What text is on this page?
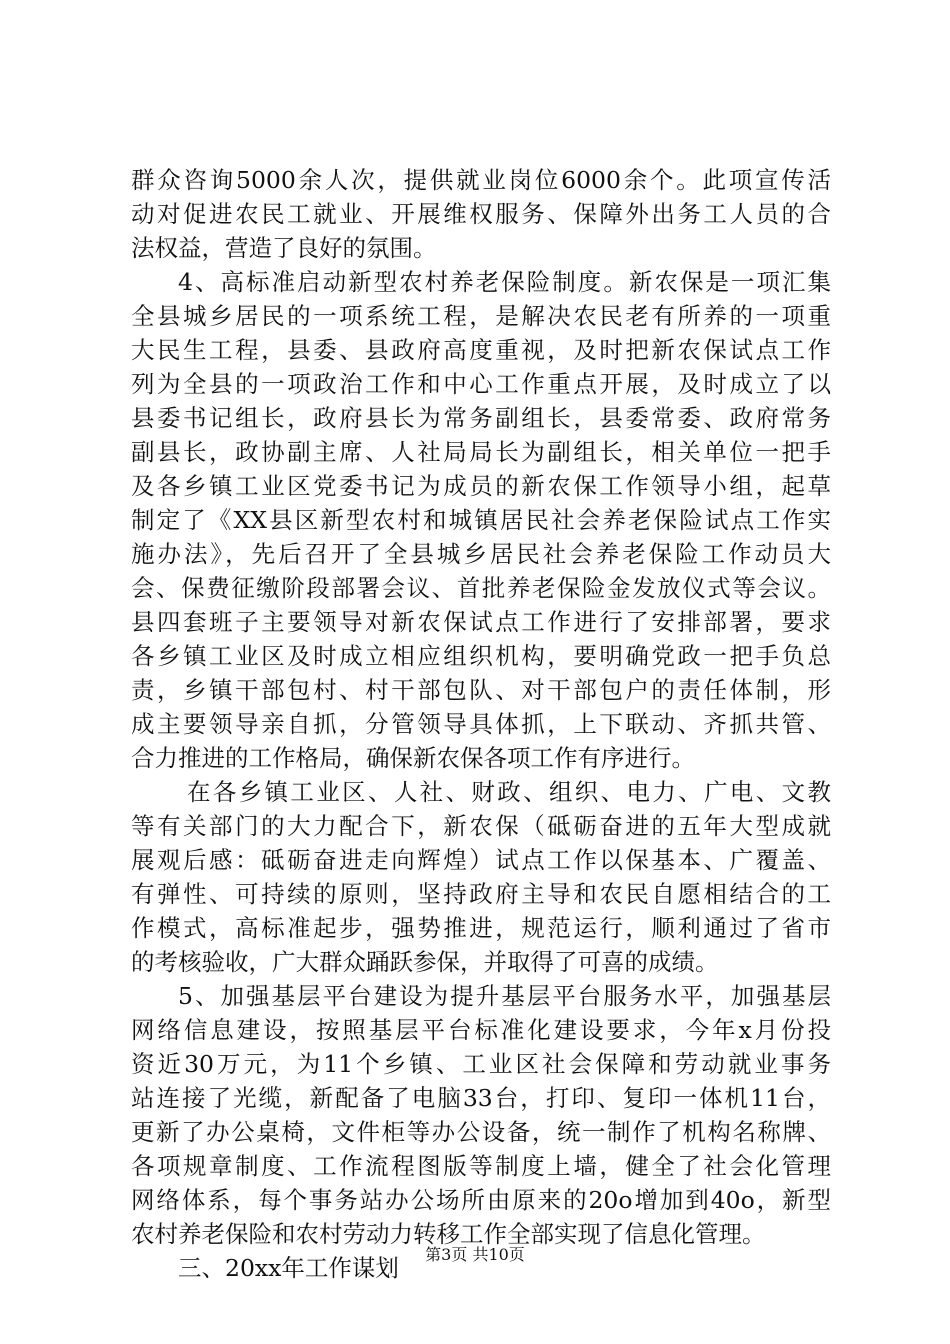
群众咨询5000余人次，提供就业岗位6000余个。此项宣传活
动对促进农民工就业、开展维权服务、保障外出务工人员的合
法权益，营造了良好的氛围。
4、高标准启动新型农村养老保险制度。新农保是一项汇集
全县城乡居民的一项系统工程，是解决农民老有所养的一项重
大民生工程，县委、县政府高度重视，及时把新农保试点工作
列为全县的一项政治工作和中心工作重点开展，及时成立了以
县委书记组长，政府县长为常务副组长，县委常委、政府常务
副县长，政协副主席、人社局局长为副组长，相关单位一把手
及各乡镇工业区党委书记为成员的新农保工作领导小组，起草
制定了《XX县区新型农村和城镇居民社会养老保险试点工作实
施办法》，先后召开了全县城乡居民社会养老保险工作动员大
会、保费征缴阶段部署会议、首批养老保险金发放仪式等会议。
县四套班子主要领导对新农保试点工作进行了安排部署，要求
各乡镇工业区及时成立相应组织机构，要明确党政一把手负总
责，乡镇干部包村、村干部包队、对干部包户的责任体制，形
成主要领导亲自抓，分管领导具体抓，上下联动、齐抓共管、
合力推进的工作格局，确保新农保各项工作有序进行。
在各乡镇工业区、人社、财政、组织、电力、广电、文教
等有关部门的大力配合下，新农保（砥砺奋进的五年大型成就
展观后感：砥砺奋进走向辉煌）试点工作以保基本、广覆盖、
有弹性、可持续的原则，坚持政府主导和农民自愿相结合的工
作模式，高标准起步，强势推进，规范运行，顺利通过了省市
的考核验收，广大群众踊跃参保，并取得了可喜的成绩。
5、加强基层平台建设为提升基层平台服务水平，加强基层
网络信息建设，按照基层平台标准化建设要求，今年x月份投
资近30万元，为11个乡镇、工业区社会保障和劳动就业事务
站连接了光缆，新配备了电脑33台，打印、复印一体机11台，
更新了办公桌椅，文件柜等办公设备，统一制作了机构名称牌、
各项规章制度、工作流程图版等制度上墙，健全了社会化管理
网络体系，每个事务站办公场所由原来的20o增加到40o，新型
农村养老保险和农村劳动力转移工作全部实现了信息化管理。
三、20xx年工作谋划	第3页 共10页
